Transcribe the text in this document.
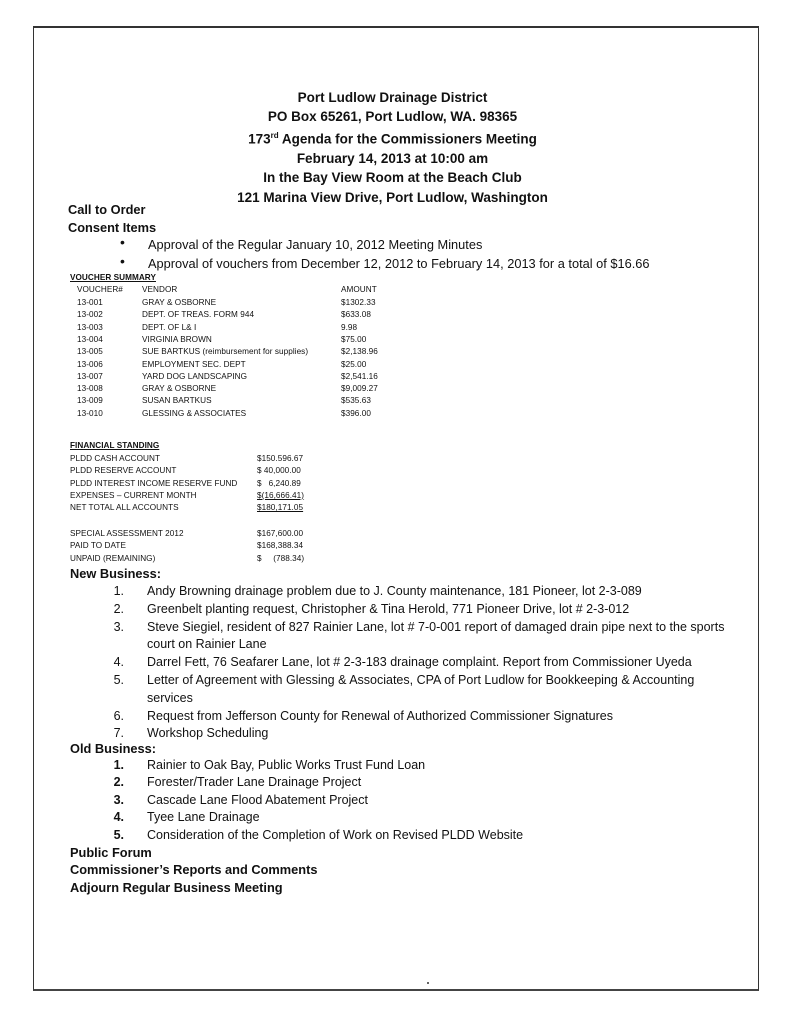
Port Ludlow Drainage District
PO Box 65261, Port Ludlow, WA. 98365
173rd Agenda for the Commissioners Meeting
February 14, 2013 at 10:00 am
In the Bay View Room at the Beach Club
121 Marina View Drive, Port Ludlow, Washington
Call to Order
Consent Items
• Approval of the Regular January 10, 2012 Meeting Minutes
• Approval of vouchers from December 12, 2012 to February 14, 2013 for a total of $16.66
VOUCHER SUMMARY
VOUCHER# VENDOR	AMOUNT
13-001	GRAY & OSBORNE	$1302.33
13-002	DEPT. OF TREAS. FORM 944	$633.08
13-003	DEPT. OF L& I	9.98
13-004	VIRGINIA BROWN	$75.00
13-005	SUE BARTKUS (reimbursement for supplies)	$2,138.96
13-006	EMPLOYMENT SEC. DEPT	$25.00
13-007	YARD DOG LANDSCAPING	$2,541.16
13-008	GRAY & OSBORNE	$9,009.27
13-009	SUSAN BARTKUS	$535.63
13-010	GLESSING & ASSOCIATES	$396.00
FINANCIAL STANDING
PLDD CASH ACCOUNT	$150.596.67
PLDD RESERVE ACCOUNT	$ 40,000.00
PLDD INTEREST INCOME RESERVE FUND $   6,240.89
EXPENSES – CURRENT MONTH	$(16,666.41)
NET TOTAL ALL ACCOUNTS	$180,171.05
SPECIAL ASSESSMENT 2012	$167,600.00
PAID TO DATE	$168,388.34
UNPAID (REMAINING)	$     (788.34)
New Business:
1. Andy Browning drainage problem due to J. County maintenance, 181 Pioneer, lot 2-3-089
2. Greenbelt planting request, Christopher & Tina Herold, 771 Pioneer Drive, lot # 2-3-012
3. Steve Siegiel, resident of 827 Rainier Lane, lot # 7-0-001 report of damaged drain pipe next to the sports
court on Rainier Lane
4. Darrel Fett, 76 Seafarer Lane, lot # 2-3-183 drainage complaint. Report from Commissioner Uyeda
5. Letter of Agreement with Glessing & Associates, CPA of Port Ludlow for Bookkeeping & Accounting
services
6. Request from Jefferson County for Renewal of Authorized Commissioner Signatures
7. Workshop Scheduling
Old Business:
1. Rainier to Oak Bay, Public Works Trust Fund Loan
2. Forester/Trader Lane Drainage Project
3. Cascade Lane Flood Abatement Project
4. Tyee Lane Drainage
5. Consideration of the Completion of Work on Revised PLDD Website
Public Forum
Commissioner’s Reports and Comments
Adjourn Regular Business Meeting
